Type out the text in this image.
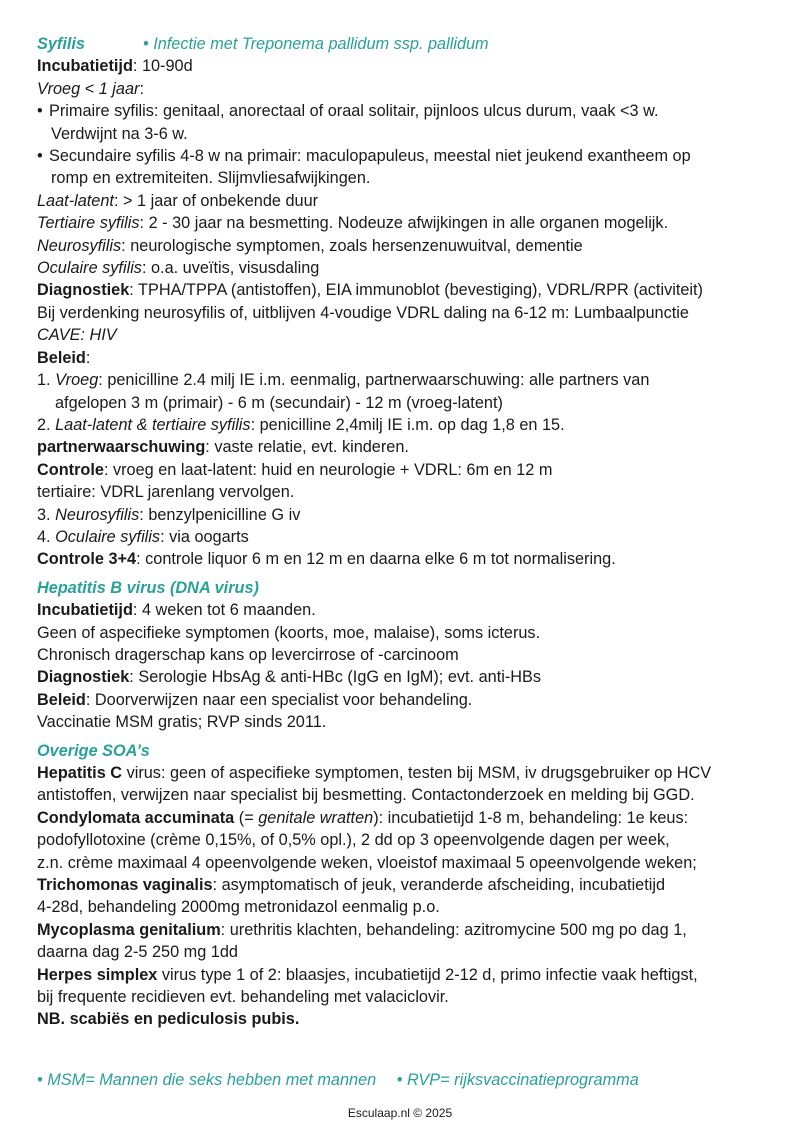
Syfilis	• Infectie met Treponema pallidum ssp. pallidum
Incubatietijd: 10-90d
Vroeg < 1 jaar:
• Primaire syfilis: genitaal, anorectaal of oraal solitair, pijnloos ulcus durum, vaak <3 w.
Verdwijnt na 3-6 w.
• Secundaire syfilis 4-8 w na primair: maculopapuleus, meestal niet jeukend exantheem op
romp en extremiteiten. Slijmvliesafwijkingen.
Laat-latent: > 1 jaar of onbekende duur
Tertiaire syfilis: 2 - 30 jaar na besmetting. Nodeuze afwijkingen in alle organen mogelijk.
Neurosyfilis: neurologische symptomen, zoals hersenzenuwuitval, dementie
Oculaire syfilis: o.a. uveïtis, visusdaling
Diagnostiek: TPHA/TPPA (antistoffen), EIA immunoblot (bevestiging), VDRL/RPR (activiteit)
Bij verdenking neurosyfilis of, uitblijven 4-voudige VDRL daling na 6-12 m: Lumbaalpunctie
CAVE: HIV
Beleid:
1. Vroeg: penicilline 2.4 milj IE i.m. eenmalig, partnerwaarschuwing: alle partners van
afgelopen 3 m (primair) - 6 m (secundair) - 12 m (vroeg-latent)
2. Laat-latent & tertiaire syfilis: penicilline 2,4milj IE i.m. op dag 1,8 en 15.
partnerwaarschuwing: vaste relatie, evt. kinderen.
Controle: vroeg en laat-latent: huid en neurologie + VDRL: 6m en 12 m
tertiaire: VDRL jarenlang vervolgen.
3. Neurosyfilis: benzylpenicilline G iv
4. Oculaire syfilis: via oogarts
Controle 3+4: controle liquor 6 m en 12 m en daarna elke 6 m tot normalisering.
Hepatitis B virus (DNA virus)
Incubatietijd: 4 weken tot 6 maanden.
Geen of aspecifieke symptomen (koorts, moe, malaise), soms icterus.
Chronisch dragerschap kans op levercirrose of -carcinoom
Diagnostiek: Serologie HbsAg & anti-HBc (IgG en IgM); evt. anti-HBs
Beleid: Doorverwijzen naar een specialist voor behandeling.
Vaccinatie MSM gratis; RVP sinds 2011.
Overige SOA’s
Hepatitis C virus: geen of aspecifieke symptomen, testen bij MSM, iv drugsgebruiker op HCV
antistoffen, verwijzen naar specialist bij besmetting. Contactonderzoek en melding bij GGD.
Condylomata accuminata (= genitale wratten): incubatietijd 1-8 m, behandeling: 1e keus:
podofyllotoxine (crème 0,15%, of 0,5% opl.), 2 dd op 3 opeenvolgende dagen per week,
z.n. crème maximaal 4 opeenvolgende weken, vloeistof maximaal 5 opeenvolgende weken;
Trichomonas vaginalis: asymptomatisch of jeuk, veranderde afscheiding, incubatietijd
4-28d, behandeling 2000mg metronidazol eenmalig p.o.
Mycoplasma genitalium: urethritis klachten, behandeling: azitromycine 500 mg po dag 1,
daarna dag 2-5 250 mg 1dd
Herpes simplex virus type 1 of 2: blaasjes, incubatietijd 2-12 d, primo infectie vaak heftigst,
bij frequente recidieven evt. behandeling met valaciclovir.
NB. scabiës en pediculosis pubis.
• MSM= Mannen die seks hebben met mannen • RVP= rijksvaccinatieprogramma
Esculaap.nl © 2025
